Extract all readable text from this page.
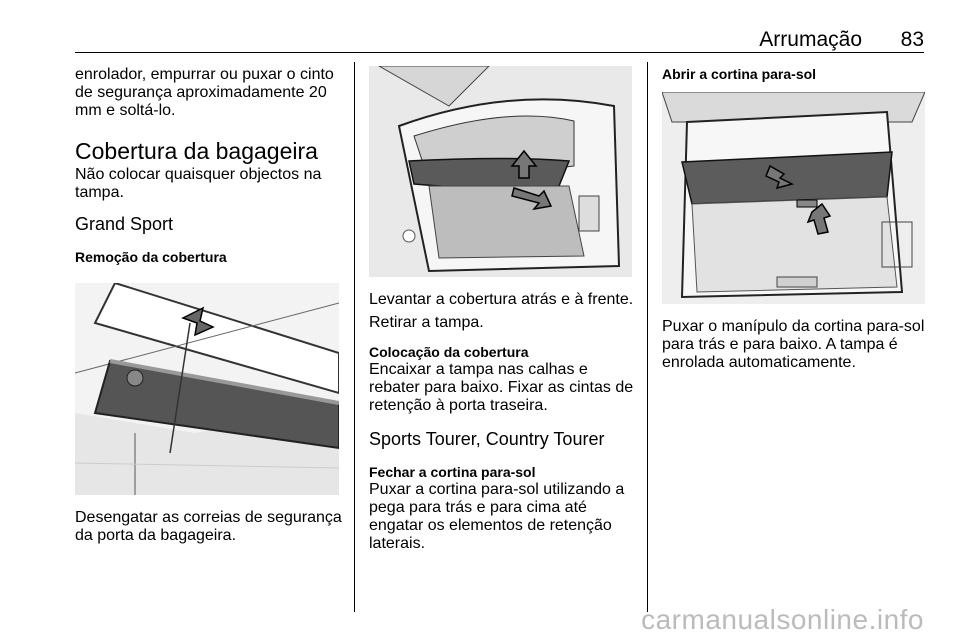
Arrumação 83

enrolador, empurrar ou puxar o cinto de segurança aproximadamente 20 mm e soltá-lo.

Cobertura da bagageira

Não colocar quaisquer objectos na tampa.

Grand Sport
Remoção da cobertura

Desengatar as correias de segurança da porta da bagageira.

Levantar a cobertura atrás e à frente.

Retirar a tampa.

Colocação da cobertura

Encaixar a tampa nas calhas e rebater para baixo. Fixar as cintas de retenção à porta traseira.

Sports Tourer, Country Tourer
Fechar a cortina para-sol

Puxar a cortina para-sol utilizando a pega para trás e para cima até engatar os elementos de retenção laterais.

Abrir a cortina para-sol

Puxar o manípulo da cortina para-sol para trás e para baixo. A tampa é enrolada automaticamente.

carmanualsonline.info
